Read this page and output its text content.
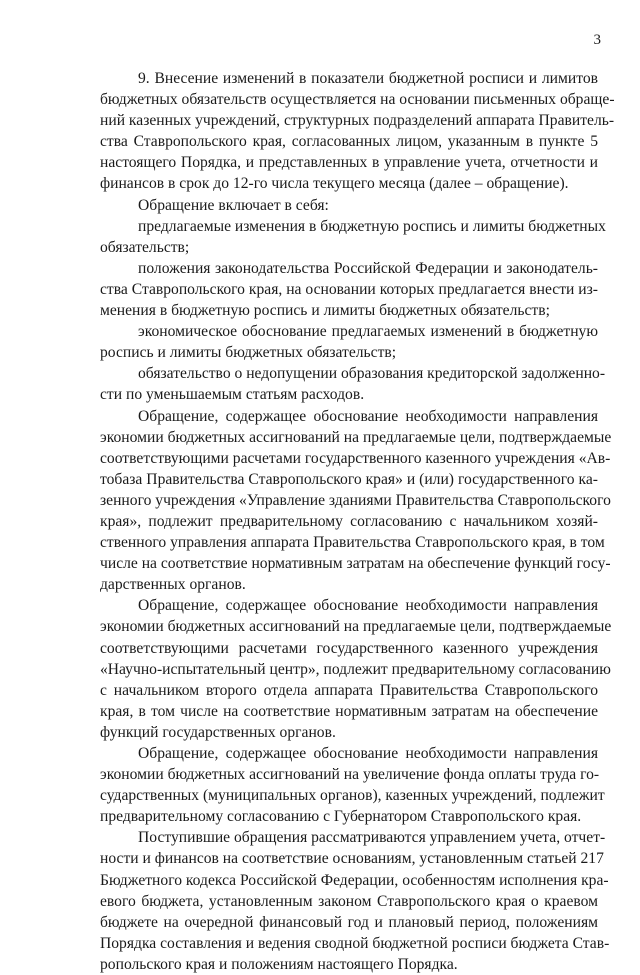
3
9. Внесение изменений в показатели бюджетной росписи и лимитов
бюджетных обязательств осуществляется на основании письменных обраще-
ний казенных учреждений, структурных подразделений аппарата Правитель-
ства Ставропольского края, согласованных лицом, указанным в пункте 5
настоящего Порядка, и представленных в управление учета, отчетности и
финансов в срок до 12-го числа текущего месяца (далее – обращение).
Обращение включает в себя:
предлагаемые изменения в бюджетную роспись и лимиты бюджетных
обязательств;
положения законодательства Российской Федерации и законодатель-
ства Ставропольского края, на основании которых предлагается внести из-
менения в бюджетную роспись и лимиты бюджетных обязательств;
экономическое обоснование предлагаемых изменений в бюджетную
роспись и лимиты бюджетных обязательств;
обязательство о недопущении образования кредиторской задолженно-
сти по уменьшаемым статьям расходов.
Обращение, содержащее обоснование необходимости направления
экономии бюджетных ассигнований на предлагаемые цели, подтверждаемые
соответствующими расчетами государственного казенного учреждения «Ав-
тобаза Правительства Ставропольского края» и (или) государственного ка-
зенного учреждения «Управление зданиями Правительства Ставропольского
края», подлежит предварительному согласованию с начальником хозяй-
ственного управления аппарата Правительства Ставропольского края, в том
числе на соответствие нормативным затратам на обеспечение функций госу-
дарственных органов.
Обращение, содержащее обоснование необходимости направления
экономии бюджетных ассигнований на предлагаемые цели, подтверждаемые
соответствующими расчетами государственного казенного учреждения
«Научно-испытательный центр», подлежит предварительному согласованию
с начальником второго отдела аппарата Правительства Ставропольского
края, в том числе на соответствие нормативным затратам на обеспечение
функций государственных органов.
Обращение, содержащее обоснование необходимости направления
экономии бюджетных ассигнований на увеличение фонда оплаты труда го-
сударственных (муниципальных органов), казенных учреждений, подлежит
предварительному согласованию с Губернатором Ставропольского края.
Поступившие обращения рассматриваются управлением учета, отчет-
ности и финансов на соответствие основаниям, установленным статьей 217
Бюджетного кодекса Российской Федерации, особенностям исполнения кра-
евого бюджета, установленным законом Ставропольского края о краевом
бюджете на очередной финансовый год и плановый период, положениям
Порядка составления и ведения сводной бюджетной росписи бюджета Став-
ропольского края и положениям настоящего Порядка.
